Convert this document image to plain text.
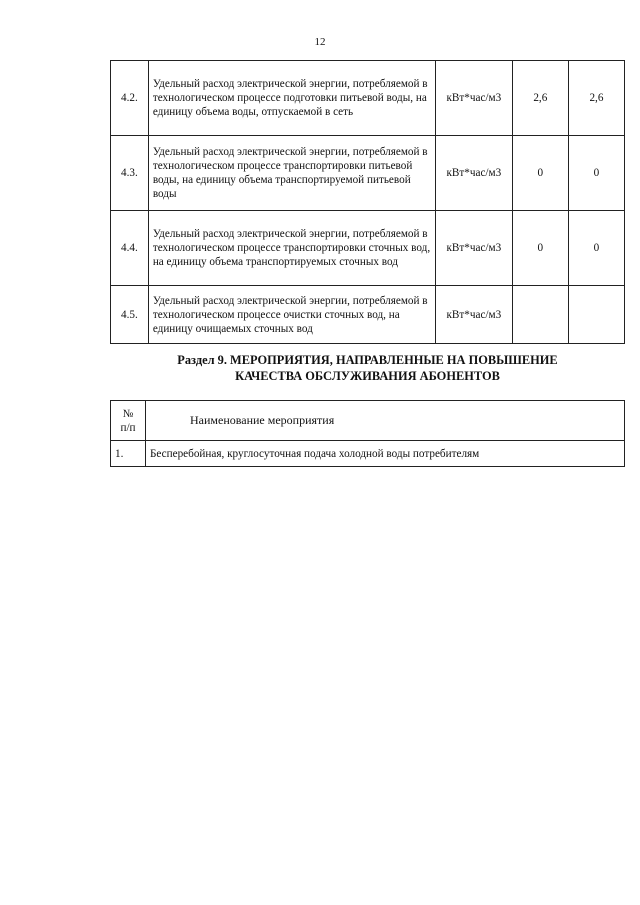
12
4.2.	Удельный расход электрической энергии, потребляемой в технологическом процессе подготовки питьевой воды, на единицу объема воды, отпускаемой в сеть	кВт*час/м3	2,6	2,6
4.3.	Удельный расход электрической энергии, потребляемой в технологическом процессе транспортировки питьевой воды, на единицу объема транспортируемой питьевой воды	кВт*час/м3	0	0
4.4.	Удельный расход электрической энергии, потребляемой в технологическом процессе транспортировки сточных вод, на единицу объема транспортируемых сточных вод	кВт*час/м3	0	0
4.5.	Удельный расход электрической энергии, потребляемой в технологическом процессе очистки сточных вод, на единицу очищаемых сточных вод	кВт*час/м3		
Раздел 9. МЕРОПРИЯТИЯ, НАПРАВЛЕННЫЕ НА ПОВЫШЕНИЕ
КАЧЕСТВА ОБСЛУЖИВАНИЯ АБОНЕНТОВ
№
п/п	Наименование мероприятия
1.	Бесперебойная, круглосуточная подача холодной воды потребителям
